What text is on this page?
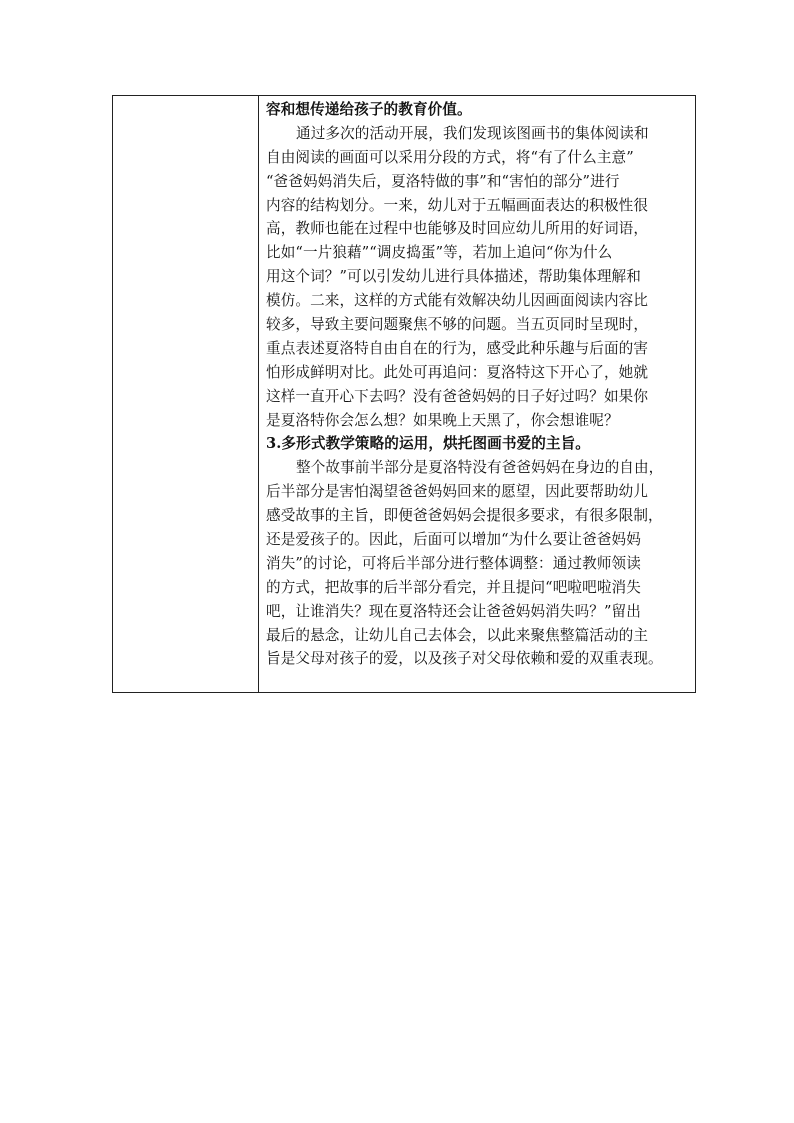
容和想传递给孩子的教育价值。
通过多次的活动开展，我们发现该图画书的集体阅读和
自由阅读的画面可以采用分段的方式，将“有了什么主意”
“爸爸妈妈消失后，夏洛特做的事”和“害怕的部分”进行
内容的结构划分。一来，幼儿对于五幅画面表达的积极性很
高，教师也能在过程中也能够及时回应幼儿所用的好词语，
比如“一片狼藉”“调皮捣蛋”等，若加上追问“你为什么
用这个词？”可以引发幼儿进行具体描述，帮助集体理解和
模仿。二来，这样的方式能有效解决幼儿因画面阅读内容比
较多，导致主要问题聚焦不够的问题。当五页同时呈现时，
重点表述夏洛特自由自在的行为，感受此种乐趣与后面的害
怕形成鲜明对比。此处可再追问：夏洛特这下开心了，她就
这样一直开心下去吗？没有爸爸妈妈的日子好过吗？如果你
是夏洛特你会怎么想？如果晚上天黑了，你会想谁呢？
3.多形式教学策略的运用，烘托图画书爱的主旨。
整个故事前半部分是夏洛特没有爸爸妈妈在身边的自由，
后半部分是害怕渴望爸爸妈妈回来的愿望，因此要帮助幼儿
感受故事的主旨，即便爸爸妈妈会提很多要求，有很多限制，
还是爱孩子的。因此，后面可以增加“为什么要让爸爸妈妈
消失”的讨论，可将后半部分进行整体调整：通过教师领读
的方式，把故事的后半部分看完，并且提问“吧啦吧啦消失
吧，让谁消失？现在夏洛特还会让爸爸妈妈消失吗？”留出
最后的悬念，让幼儿自己去体会，以此来聚焦整篇活动的主
旨是父母对孩子的爱，以及孩子对父母依赖和爱的双重表现。
